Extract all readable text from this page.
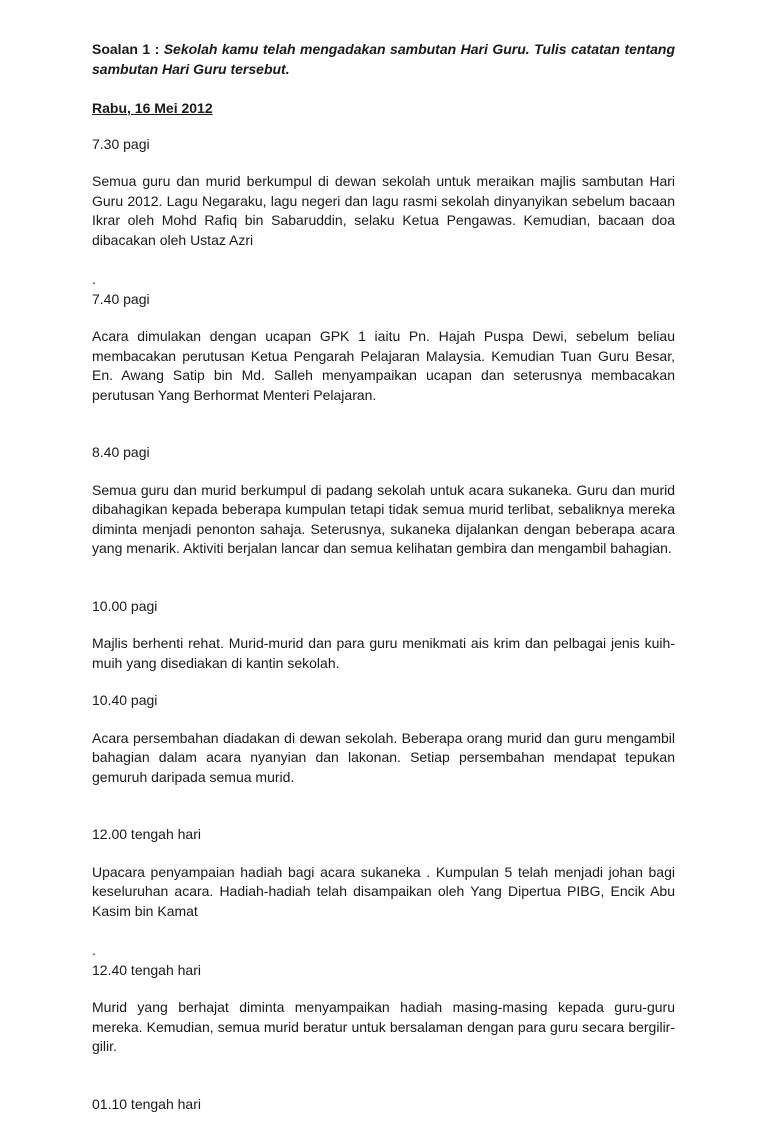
Soalan 1 : Sekolah kamu telah mengadakan sambutan Hari Guru. Tulis catatan tentang sambutan Hari Guru tersebut.

Rabu, 16 Mei 2012

7.30 pagi

Semua guru dan murid berkumpul di dewan sekolah untuk meraikan majlis sambutan Hari Guru 2012. Lagu Negaraku, lagu negeri dan lagu rasmi sekolah dinyanyikan sebelum bacaan Ikrar oleh Mohd Rafiq bin Sabaruddin, selaku Ketua Pengawas. Kemudian, bacaan doa dibacakan oleh Ustaz Azri

.

7.40 pagi

Acara dimulakan dengan ucapan GPK 1 iaitu Pn. Hajah Puspa Dewi, sebelum beliau membacakan perutusan Ketua Pengarah Pelajaran Malaysia. Kemudian Tuan Guru Besar, En. Awang Satip bin Md. Salleh menyampaikan ucapan dan seterusnya membacakan perutusan Yang Berhormat Menteri Pelajaran.

8.40 pagi

Semua guru dan murid berkumpul di padang sekolah untuk acara sukaneka. Guru dan murid dibahagikan kepada beberapa kumpulan tetapi tidak semua murid terlibat, sebaliknya mereka diminta menjadi penonton sahaja. Seterusnya, sukaneka dijalankan dengan beberapa acara yang menarik. Aktiviti berjalan lancar dan semua kelihatan gembira dan mengambil bahagian.

10.00 pagi

Majlis berhenti rehat. Murid-murid dan para guru menikmati ais krim dan pelbagai jenis kuih-muih yang disediakan di kantin sekolah.

10.40 pagi

Acara persembahan diadakan di dewan sekolah. Beberapa orang murid dan guru mengambil bahagian dalam acara nyanyian dan lakonan. Setiap persembahan mendapat tepukan gemuruh daripada semua murid.

12.00 tengah hari

Upacara penyampaian hadiah bagi acara sukaneka . Kumpulan 5 telah menjadi johan bagi keseluruhan acara. Hadiah-hadiah telah disampaikan oleh Yang Dipertua PIBG, Encik Abu Kasim bin Kamat

.

12.40 tengah hari

Murid yang berhajat diminta menyampaikan hadiah masing-masing kepada guru-guru mereka. Kemudian, semua murid beratur untuk bersalaman dengan para guru secara bergilir-gilir.

01.10 tengah hari
